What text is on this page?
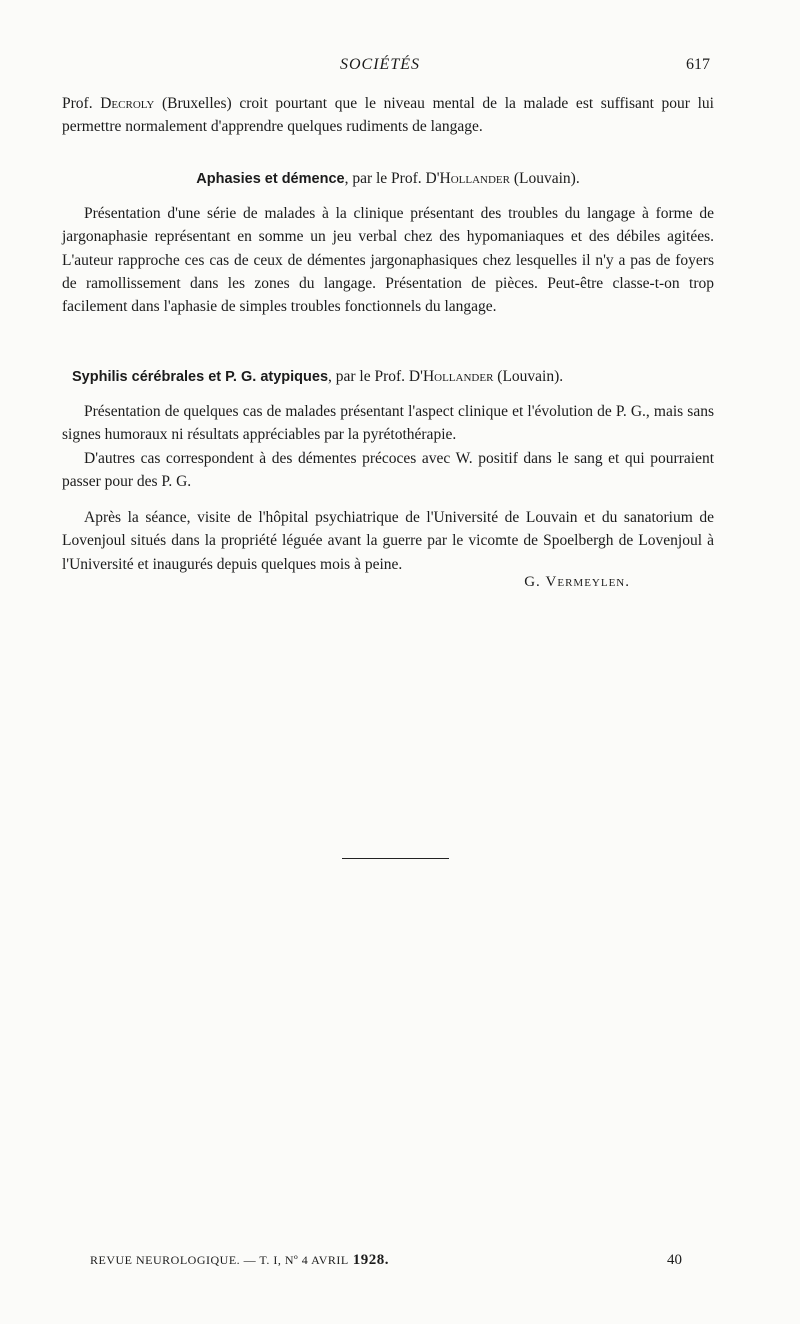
SOCIÉTÉS	617

Prof. Decroly (Bruxelles) croit pourtant que le niveau mental de la malade est suffisant pour lui permettre normalement d'apprendre quelques rudiments de langage.

Aphasies et démence, par le Prof. D'Hollander (Louvain).

Présentation d'une série de malades à la clinique présentant des troubles du langage à forme de jargonaphasie représentant en somme un jeu verbal chez des hypomaniaques et des débiles agitées. L'auteur rapproche ces cas de ceux de démentes jargonaphasiques chez lesquelles il n'y a pas de foyers de ramollissement dans les zones du langage. Présentation de pièces. Peut-être classe-t-on trop facilement dans l'aphasie de simples troubles fonctionnels du langage.

Syphilis cérébrales et P. G. atypiques, par le Prof. D'Hollander (Louvain).

Présentation de quelques cas de malades présentant l'aspect clinique et l'évolution de P. G., mais sans signes humoraux ni résultats appréciables par la pyrétothérapie.

D'autres cas correspondent à des démentes précoces avec W. positif dans le sang et qui pourraient passer pour des P. G.

Après la séance, visite de l'hôpital psychiatrique de l'Université de Louvain et du sanatorium de Lovenjoul situés dans la propriété léguée avant la guerre par le vicomte de Spoelbergh de Lovenjoul à l'Université et inaugurés depuis quelques mois à peine.

G. Vermeylen.
REVUE NEUROLOGIQUE. — T. I, Nº 4 AVRIL 1928.	40
